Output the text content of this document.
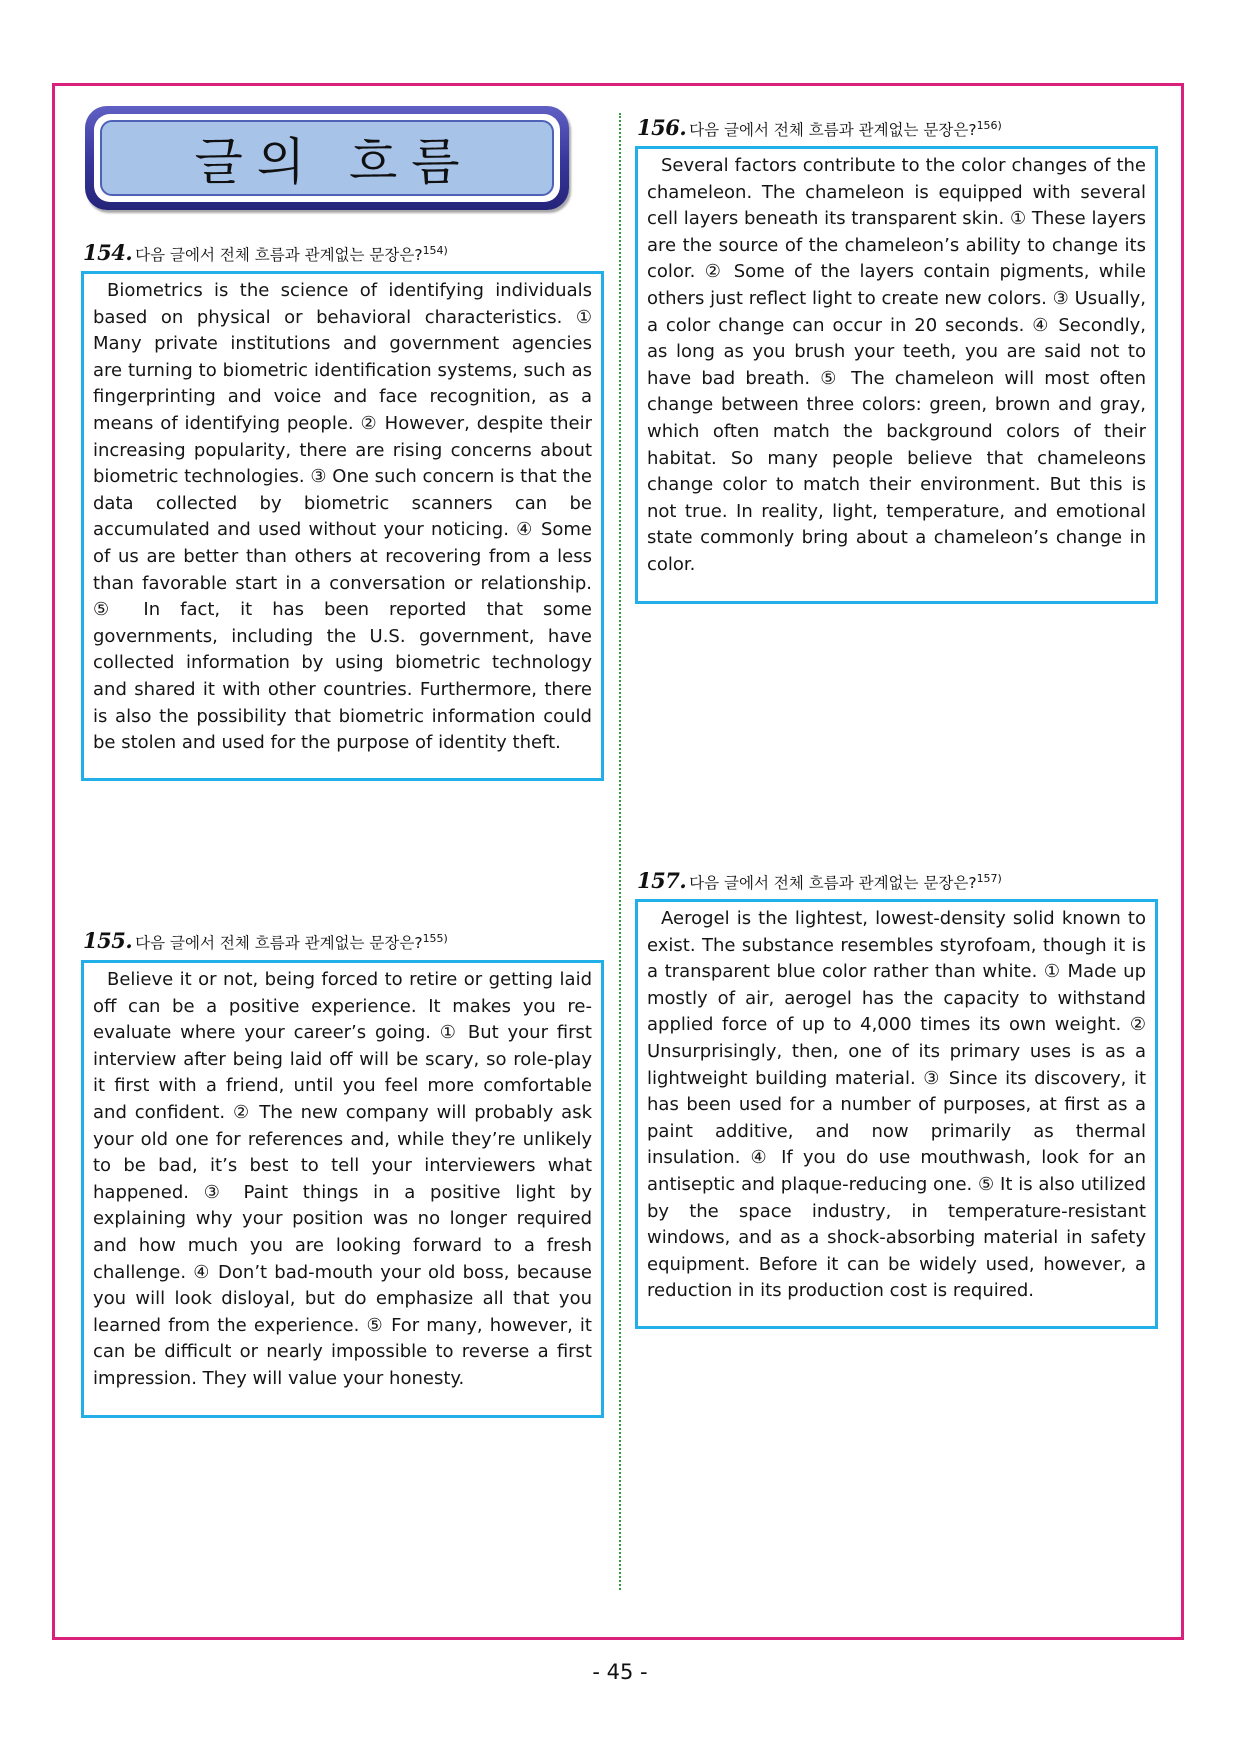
글의 흐름
154. 다음 글에서 전체 흐름과 관계없는 문장은?$^{154)}$
Biometrics is the science of identifying individuals based on physical or behavioral characteristics. ① Many private institutions and government agencies are turning to biometric identification systems, such as fingerprinting and voice and face recognition, as a means of identifying people. ② However, despite their increasing popularity, there are rising concerns about biometric technologies. ③ One such concern is that the data collected by biometric scanners can be accumulated and used without your noticing. ④ Some of us are better than others at recovering from a less than favorable start in a conversation or relationship. ⑤ In fact, it has been reported that some governments, including the U.S. government, have collected information by using biometric technology and shared it with other countries. Furthermore, there is also the possibility that biometric information could be stolen and used for the purpose of identity theft.
155. 다음 글에서 전체 흐름과 관계없는 문장은?$^{155)}$
Believe it or not, being forced to retire or getting laid off can be a positive experience. It makes you re-evaluate where your career’s going. ① But your first interview after being laid off will be scary, so role-play it first with a friend, until you feel more comfortable and confident. ② The new company will probably ask your old one for references and, while they’re unlikely to be bad, it’s best to tell your interviewers what happened. ③ Paint things in a positive light by explaining why your position was no longer required and how much you are looking forward to a fresh challenge. ④ Don’t bad-mouth your old boss, because you will look disloyal, but do emphasize all that you learned from the experience. ⑤ For many, however, it can be difficult or nearly impossible to reverse a first impression. They will value your honesty.
156. 다음 글에서 전체 흐름과 관계없는 문장은?$^{156)}$
Several factors contribute to the color changes of the chameleon. The chameleon is equipped with several cell layers beneath its transparent skin. ① These layers are the source of the chameleon’s ability to change its color. ② Some of the layers contain pigments, while others just reflect light to create new colors. ③ Usually, a color change can occur in 20 seconds. ④ Secondly, as long as you brush your teeth, you are said not to have bad breath. ⑤ The chameleon will most often change between three colors: green, brown and gray, which often match the background colors of their habitat. So many people believe that chameleons change color to match their environment. But this is not true. In reality, light, temperature, and emotional state commonly bring about a chameleon’s change in color.
157. 다음 글에서 전체 흐름과 관계없는 문장은?$^{157)}$
Aerogel is the lightest, lowest-density solid known to exist. The substance resembles styrofoam, though it is a transparent blue color rather than white. ① Made up mostly of air, aerogel has the capacity to withstand applied force of up to 4,000 times its own weight. ② Unsurprisingly, then, one of its primary uses is as a lightweight building material. ③ Since its discovery, it has been used for a number of purposes, at first as a paint additive, and now primarily as thermal insulation. ④ If you do use mouthwash, look for an antiseptic and plaque-reducing one. ⑤ It is also utilized by the space industry, in temperature-resistant windows, and as a shock-absorbing material in safety equipment. Before it can be widely used, however, a reduction in its production cost is required.
- 45 -
